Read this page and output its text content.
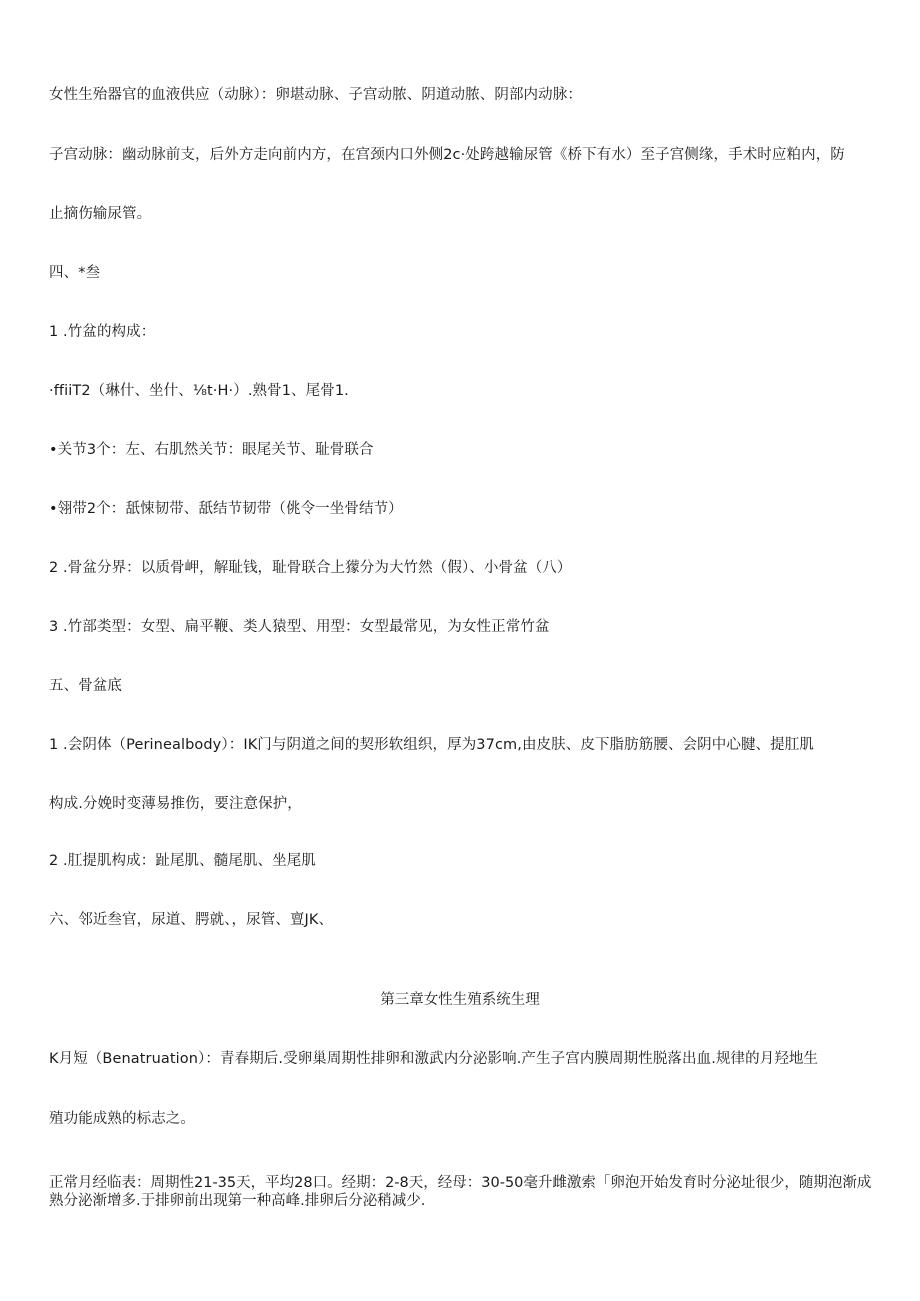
女性生殆器官的血液供应（动脉）：卵堪动脉、子宫动脓、阴道动脓、阴部内动脉：
子宫动脉：幽动脉前支，后外方走向前内方，在宫颈内口外侧2c·处跨越输尿管《桥下有水）至子宫侧缘，手术时应粕内，防
止摘伤输尿管。
四、*叁
1 .竹盆的构成：
·ffiiT2（琳什、坐什、⅛t·H·）.熟骨1、尾骨1.
•关节3个：左、右肌然关节：眼尾关节、耻骨联合
•翎带2个：舐悚韧带、舐结节韧带（佻令一坐骨结节）
2 .骨盆分界：以质骨岬，解耻钱，耻骨联合上獴分为大竹然（假）、小骨盆（八）
3 .竹部类型：女型、扁平鞭、类人猿型、用型：女型最常见，为女性正常竹盆
五、骨盆底
1 .会阴体（Perinealbody）：IK门与阴道之间的契形软组织，厚为37cm,由皮肤、皮下脂肪筋腰、会阴中心腱、提肛肌
构成.分娩时变薄易推伤，要注意保护，
2 .肛提肌构成：趾尾肌、髓尾肌、坐尾肌
六、邻近叁官，尿道、腭就、，尿管、亶JK、
第三章女性生殖系统生理
K月短（Benatruation）：青春期后.受卵巢周期性排卵和激武内分泌影响.产生子宫内膜周期性脱落出血.规律的月羟地生
殖功能成熟的标志之。
正常月经临表：周期性21-35天，平均28口。经期：2-8天，经母：30-50毫升雌激索「卵泡开始发育时分泌址很少，随期泡渐成熟分泌渐增多.于排卵前出现第一种高峰.排卵后分泌稍减少.
